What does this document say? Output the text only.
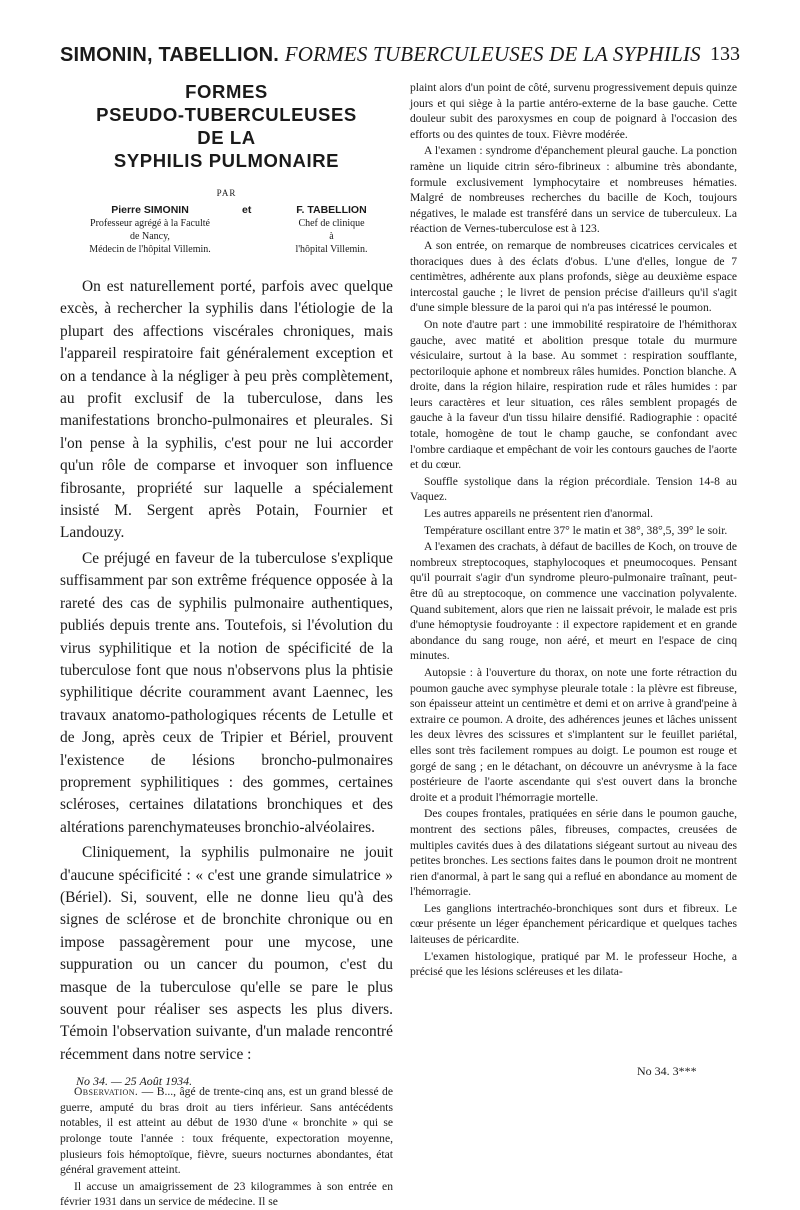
SIMONIN, TABELLION. FORMES TUBERCULEUSES DE LA SYPHILIS 133

FORMES

PSEUDO-TUBERCULEUSES

DE LA

SYPHILIS PULMONAIRE

PAR
Pierre SIMONIN
Professeur agrégé à la Faculté
de Nancy,
Médecin de l'hôpital Villemin.
et	F. TABELLION
Chef de clinique
à
l'hôpital Villemin.

On est naturellement porté, parfois avec quelque excès, à rechercher la syphilis dans l'étiologie de la plupart des affections viscérales chroniques, mais l'appareil respiratoire fait généralement exception et on a tendance à la négliger à peu près complètement, au profit exclusif de la tuberculose, dans les manifestations broncho-pulmonaires et pleurales. Si l'on pense à la syphilis, c'est pour ne lui accorder qu'un rôle de comparse et invoquer son influence fibrosante, propriété sur laquelle a spécialement insisté M. Sergent après Potain, Fournier et Landouzy.

Ce préjugé en faveur de la tuberculose s'explique suffisamment par son extrême fréquence opposée à la rareté des cas de syphilis pulmonaire authentiques, publiés depuis trente ans. Toutefois, si l'évolution du virus syphilitique et la notion de spécificité de la tuberculose font que nous n'observons plus la phtisie syphilitique décrite couramment avant Laennec, les travaux anatomo-pathologiques récents de Letulle et de Jong, après ceux de Tripier et Bériel, prouvent l'existence de lésions broncho-pulmonaires proprement syphilitiques : des gommes, certaines scléroses, certaines dilatations bronchiques et des altérations parenchymateuses bronchio-alvéolaires.

Cliniquement, la syphilis pulmonaire ne jouit d'aucune spécificité : « c'est une grande simulatrice » (Bériel). Si, souvent, elle ne donne lieu qu'à des signes de sclérose et de bronchite chronique ou en impose passagèrement pour une mycose, une suppuration ou un cancer du poumon, c'est du masque de la tuberculose qu'elle se pare le plus souvent pour réaliser ses aspects les plus divers. Témoin l'observation suivante, d'un malade rencontré récemment dans notre service :

Observation. — B..., âgé de trente-cinq ans, est un grand blessé de guerre, amputé du bras droit au tiers inférieur. Sans antécédents notables, il est atteint au début de 1930 d'une « bronchite » qui se prolonge toute l'année : toux fréquente, expectoration moyenne, plusieurs fois hémoptoïque, fièvre, sueurs nocturnes abondantes, état général gravement atteint.

Il accuse un amaigrissement de 23 kilogrammes à son entrée en février 1931 dans un service de médecine. Il se

plaint alors d'un point de côté, survenu progressivement depuis quinze jours et qui siège à la partie antéro-externe de la base gauche. Cette douleur subit des paroxysmes en coup de poignard à l'occasion des efforts ou des quintes de toux. Fièvre modérée.

A l'examen : syndrome d'épanchement pleural gauche. La ponction ramène un liquide citrin séro-fibrineux : albumine très abondante, formule exclusivement lymphocytaire et nombreuses hématies. Malgré de nombreuses recherches du bacille de Koch, toujours négatives, le malade est transféré dans un service de tuberculeux. La réaction de Vernes-tuberculose est à 123.

A son entrée, on remarque de nombreuses cicatrices cervicales et thoraciques dues à des éclats d'obus. L'une d'elles, longue de 7 centimètres, adhérente aux plans profonds, siège au deuxième espace intercostal gauche ; le livret de pension précise d'ailleurs qu'il s'agit d'une simple blessure de la paroi qui n'a pas intéressé le poumon.

On note d'autre part : une immobilité respiratoire de l'hémithorax gauche, avec matité et abolition presque totale du murmure vésiculaire, surtout à la base. Au sommet : respiration soufflante, pectoriloquie aphone et nombreux râles humides. Ponction blanche. A droite, dans la région hilaire, respiration rude et râles humides : par leurs caractères et leur situation, ces râles semblent propagés de gauche à la faveur d'un tissu hilaire densifié. Radiographie : opacité totale, homogène de tout le champ gauche, se confondant avec l'ombre cardiaque et empêchant de voir les contours gauches de l'aorte et du cœur.

Souffle systolique dans la région précordiale. Tension 14-8 au Vaquez.

Les autres appareils ne présentent rien d'anormal.

Température oscillant entre 37° le matin et 38°, 38°,5, 39° le soir.

A l'examen des crachats, à défaut de bacilles de Koch, on trouve de nombreux streptocoques, staphylocoques et pneumocoques. Pensant qu'il pourrait s'agir d'un syndrome pleuro-pulmonaire traînant, peut-être dû au streptocoque, on commence une vaccination polyvalente. Quand subitement, alors que rien ne laissait prévoir, le malade est pris d'une hémoptysie foudroyante : il expectore rapidement et en grande abondance du sang rouge, non aéré, et meurt en l'espace de cinq minutes.

Autopsie : à l'ouverture du thorax, on note une forte rétraction du poumon gauche avec symphyse pleurale totale : la plèvre est fibreuse, son épaisseur atteint un centimètre et demi et on arrive à grand'peine à extraire ce poumon. A droite, des adhérences jeunes et lâches unissent les deux lèvres des scissures et s'implantent sur le feuillet pariétal, elles sont très facilement rompues au doigt. Le poumon est rouge et gorgé de sang ; en le détachant, on découvre un anévrysme à la face postérieure de l'aorte ascendante qui s'est ouvert dans la bronche droite et a produit l'hémorragie mortelle.

Des coupes frontales, pratiquées en série dans le poumon gauche, montrent des sections pâles, fibreuses, compactes, creusées de multiples cavités dues à des dilatations siégeant surtout au niveau des petites bronches. Les sections faites dans le poumon droit ne montrent rien d'anormal, à part le sang qui a reflué en abondance au moment de l'hémorragie.

Les ganglions intertrachéo-bronchiques sont durs et fibreux. Le cœur présente un léger épanchement péricardique et quelques taches laiteuses de péricardite.

L'examen histologique, pratiqué par M. le professeur Hoche, a précisé que les lésions scléreuses et les dilata-

No 34. — 25 Août 1934.
No 34. 3***
